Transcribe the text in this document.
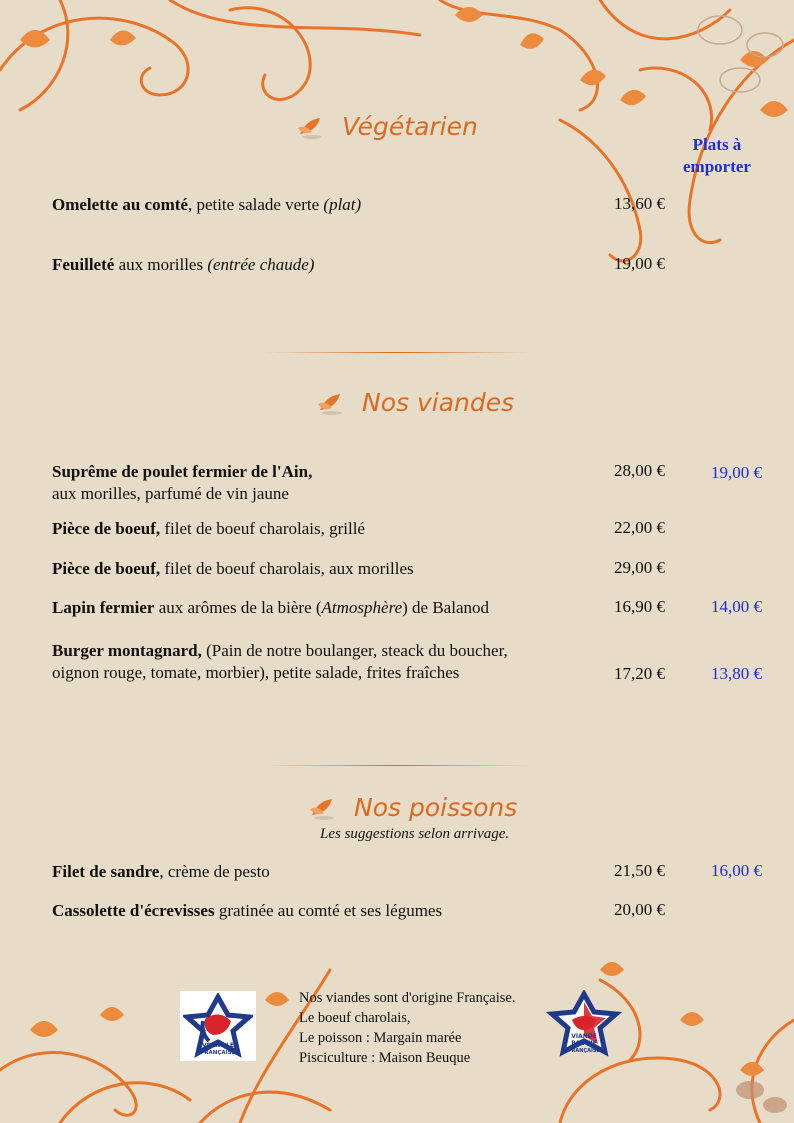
Végétarien
Plats à emporter
Omelette au comté, petite salade verte (plat)	13,60 €
Feuilleté aux morilles (entrée chaude)	19,00 €
Nos viandes
Suprême de poulet fermier de l'Ain,
aux morilles, parfumé de vin jaune
28,00 €	19,00 €
Pièce de boeuf, filet de boeuf charolais, grillé	22,00 €
Pièce de boeuf, filet de boeuf charolais, aux morilles	29,00 €
Lapin fermier aux arômes de la bière (Atmosphère) de Balanod	16,90 €	14,00 €
Burger montagnard, (Pain de notre boulanger, steack du boucher,
oignon rouge, tomate, morbier), petite salade, frites fraîches	17,20 €	13,80 €
Nos poissons
Les suggestions selon arrivage.
Filet de sandre, crème de pesto	21,50 €	16,00 €
Cassolette d'écrevisses gratinée au comté et ses légumes	20,00 €
VOLAILLE
FRANÇAISE
Nos viandes sont d'origine Française.
Le boeuf charolais,
Le poisson : Margain marée
Pisciculture : Maison Beuque
VIANDE
BOVINE
FRANÇAISE
